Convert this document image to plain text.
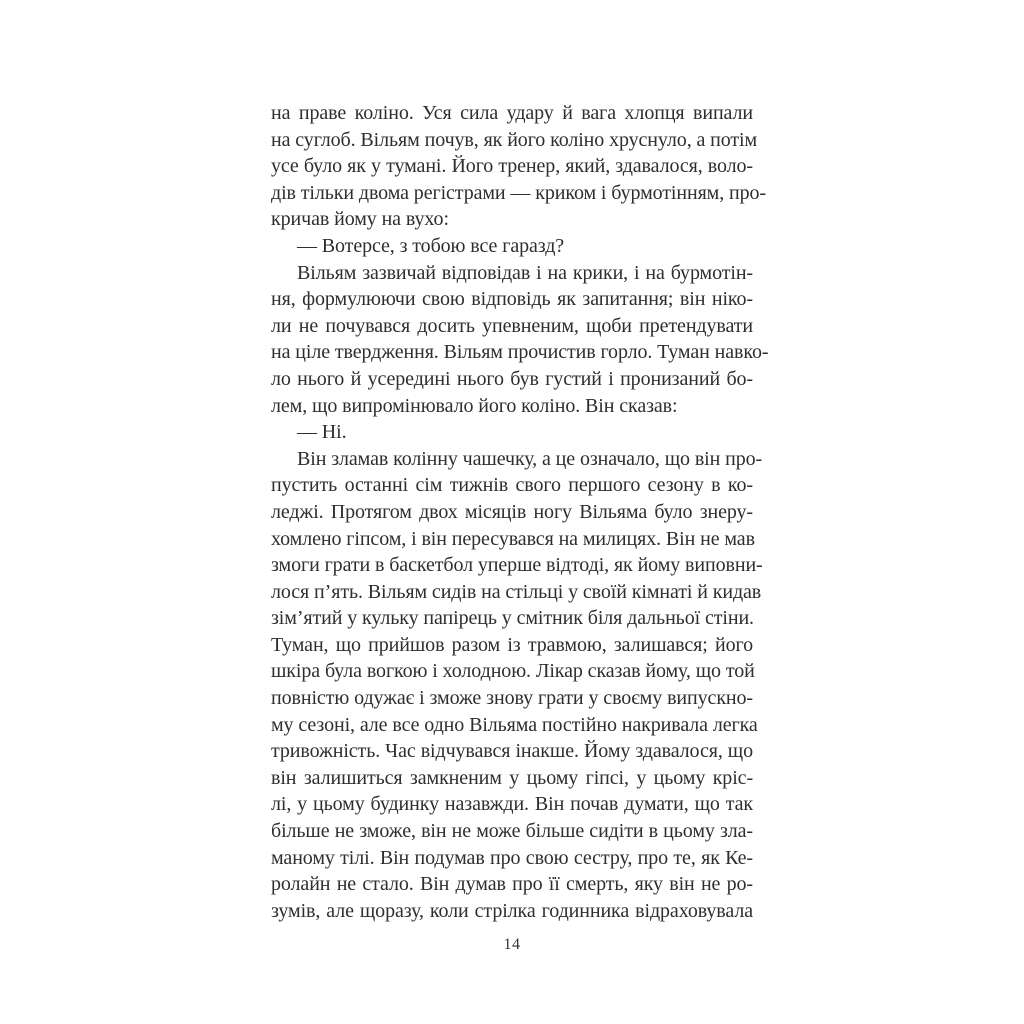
на праве коліно. Уся сила удару й вага хлопця випали
на суглоб. Вільям почув, як його коліно хруснуло, а потім
усе було як у тумані. Його тренер, який, здавалося, воло-
дів тільки двома регістрами — криком і бурмотінням, про-
кричав йому на вухо:
— Вотерсе, з тобою все гаразд?
Вільям зазвичай відповідав і на крики, і на бурмотін-
ня, формулюючи свою відповідь як запитання; він ніко-
ли не почувався досить упевненим, щоби претендувати
на ціле твердження. Вільям прочистив горло. Туман навко-
ло нього й усередині нього був густий і пронизаний бо-
лем, що випромінювало його коліно. Він сказав:
— Ні.
Він зламав колінну чашечку, а це означало, що він про-
пустить останні сім тижнів свого першого сезону в ко-
леджі. Протягом двох місяців ногу Вільяма було знеру-
хомлено гіпсом, і він пересувався на милицях. Він не мав
змоги грати в баскетбол уперше відтоді, як йому виповни-
лося п’ять. Вільям сидів на стільці у своїй кімнаті й кидав
зім’ятий у кульку папірець у смітник біля дальньої стіни.
Туман, що прийшов разом із травмою, залишався; його
шкіра була вогкою і холодною. Лікар сказав йому, що той
повністю одужає і зможе знову грати у своєму випускно-
му сезоні, але все одно Вільяма постійно накривала легка
тривожність. Час відчувався інакше. Йому здавалося, що
він залишиться замкненим у цьому гіпсі, у цьому кріс-
лі, у цьому будинку назавжди. Він почав думати, що так
більше не зможе, він не може більше сидіти в цьому зла-
маному тілі. Він подумав про свою сестру, про те, як Ке-
ролайн не стало. Він думав про її смерть, яку він не ро-
зумів, але щоразу, коли стрілка годинника відраховувала
14
